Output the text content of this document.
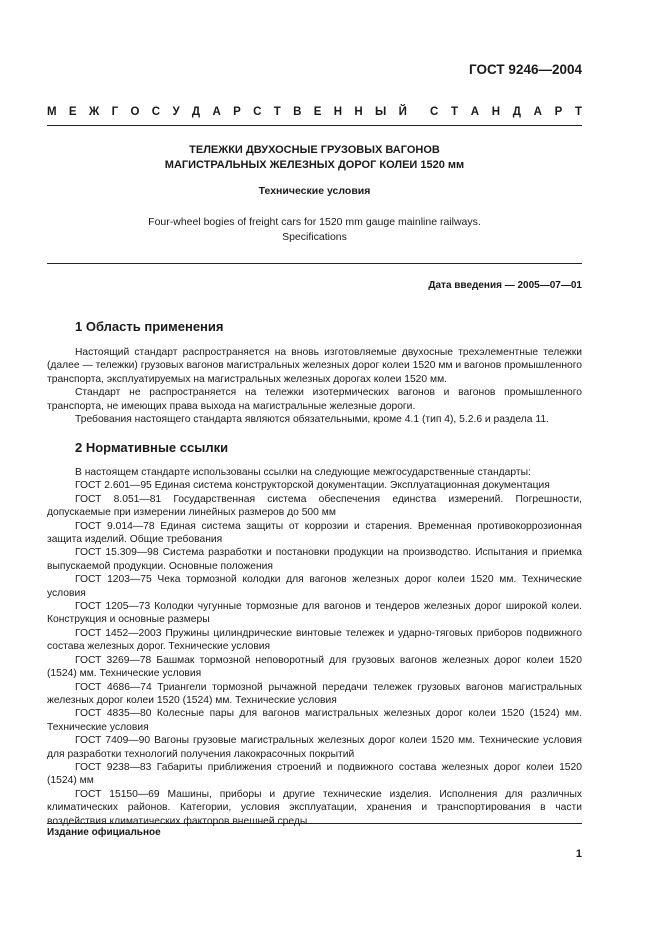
ГОСТ 9246—2004
М Е Ж Г О С У Д А Р С Т В Е Н Н Ы Й С Т А Н Д А Р Т
ТЕЛЕЖКИ ДВУХОСНЫЕ ГРУЗОВЫХ ВАГОНОВ
МАГИСТРАЛЬНЫХ ЖЕЛЕЗНЫХ ДОРОГ КОЛЕИ 1520 мм
Технические условия
Four-wheel bogies of freight cars for 1520 mm gauge mainline railways.
Specifications
Дата введения — 2005—07—01
1 Область применения

Настоящий стандарт распространяется на вновь изготовляемые двухосные трехэлементные тележки (далее — тележки) грузовых вагонов магистральных железных дорог колеи 1520 мм и вагонов промышленного транспорта, эксплуатируемых на магистральных железных дорогах колеи 1520 мм.

Стандарт не распространяется на тележки изотермических вагонов и вагонов промышленного транспорта, не имеющих права выхода на магистральные железные дороги.

Требования настоящего стандарта являются обязательными, кроме 4.1 (тип 4), 5.2.6 и раздела 11.

2 Нормативные ссылки

В настоящем стандарте использованы ссылки на следующие межгосударственные стандарты:

ГОСТ 2.601—95 Единая система конструкторской документации. Эксплуатационная документация

ГОСТ 8.051—81 Государственная система обеспечения единства измерений. Погрешности, допускаемые при измерении линейных размеров до 500 мм

ГОСТ 9.014—78 Единая система защиты от коррозии и старения. Временная противокоррозионная защита изделий. Общие требования

ГОСТ 15.309—98 Система разработки и постановки продукции на производство. Испытания и приемка выпускаемой продукции. Основные положения

ГОСТ 1203—75 Чека тормозной колодки для вагонов железных дорог колеи 1520 мм. Технические условия

ГОСТ 1205—73 Колодки чугунные тормозные для вагонов и тендеров железных дорог широкой колеи. Конструкция и основные размеры

ГОСТ 1452—2003 Пружины цилиндрические винтовые тележек и ударно-тяговых приборов подвижного состава железных дорог. Технические условия

ГОСТ 3269—78 Башмак тормозной неповоротный для грузовых вагонов железных дорог колеи 1520 (1524) мм. Технические условия

ГОСТ 4686—74 Триангели тормозной рычажной передачи тележек грузовых вагонов магистральных железных дорог колеи 1520 (1524) мм. Технические условия

ГОСТ 4835—80 Колесные пары для вагонов магистральных железных дорог колеи 1520 (1524) мм. Технические условия

ГОСТ 7409—90 Вагоны грузовые магистральных железных дорог колеи 1520 мм. Технические условия для разработки технологий получения лакокрасочных покрытий

ГОСТ 9238—83 Габариты приближения строений и подвижного состава железных дорог колеи 1520 (1524) мм

ГОСТ 15150—69 Машины, приборы и другие технические изделия. Исполнения для различных климатических районов. Категории, условия эксплуатации, хранения и транспортирования в части воздействия климатических факторов внешней среды

Издание официальное
1
